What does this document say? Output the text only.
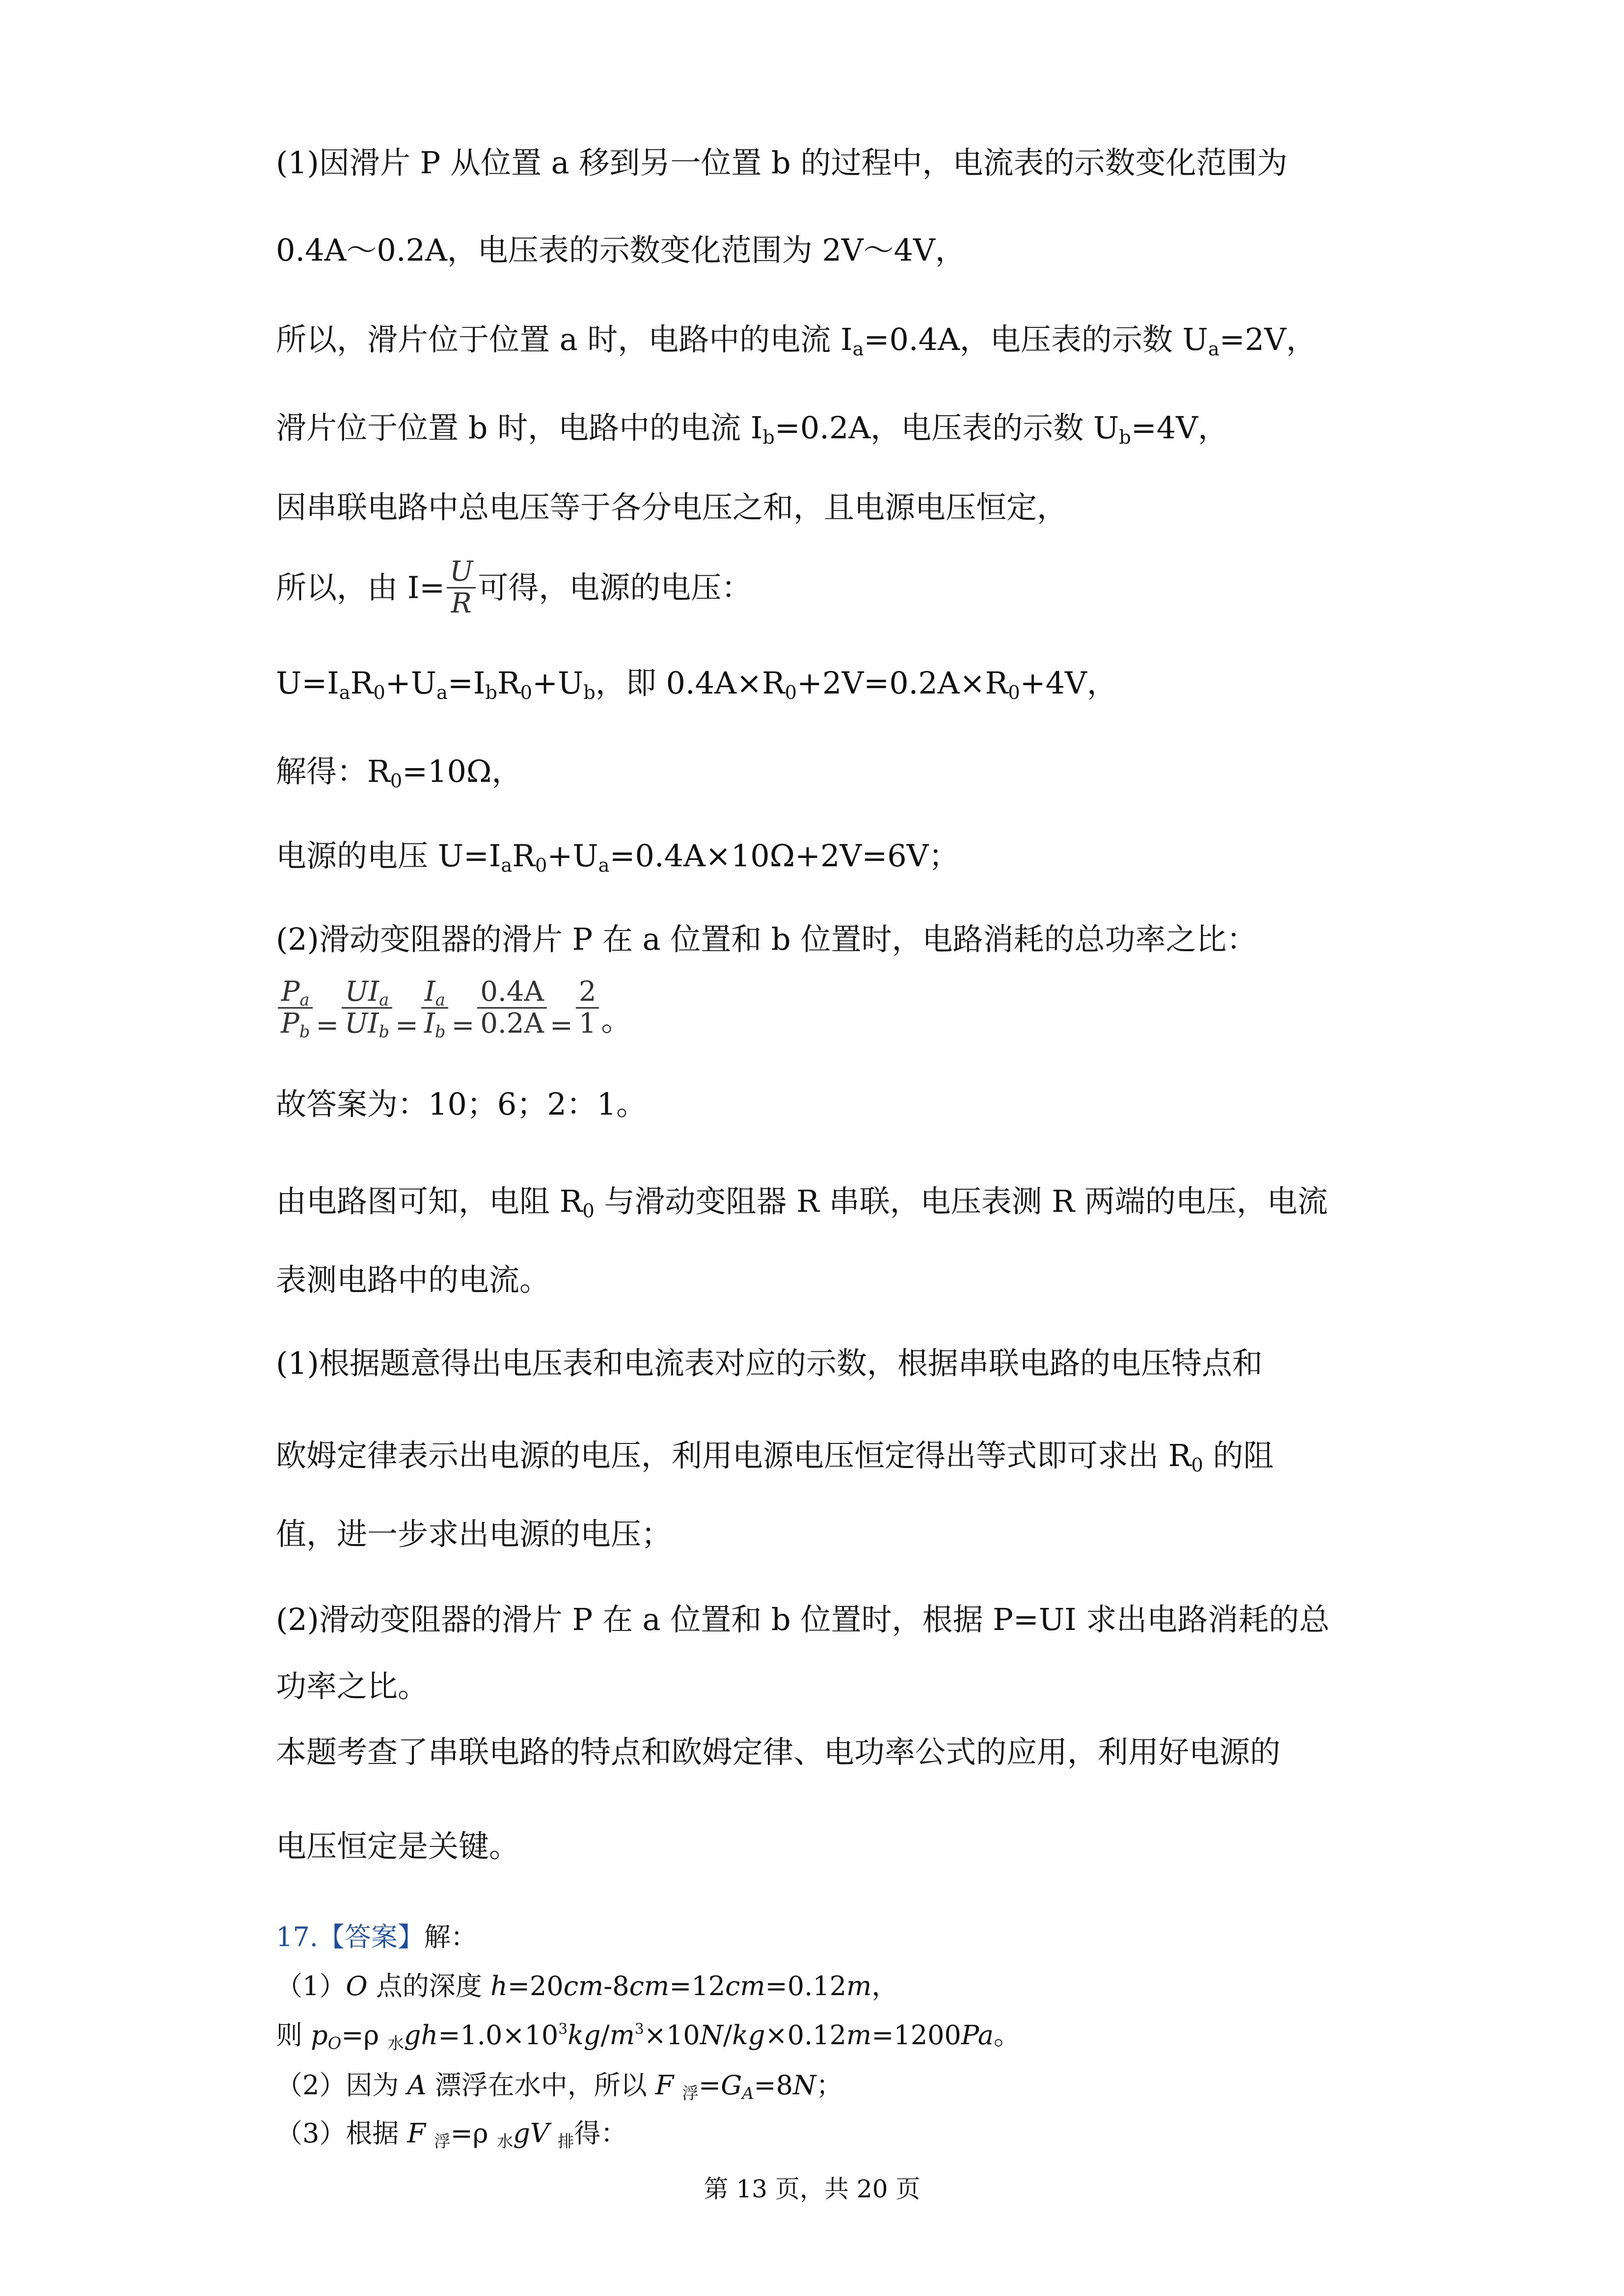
(1)因滑片 P 从位置 a 移到另一位置 b 的过程中，电流表的示数变化范围为
0.4A～0.2A，电压表的示数变化范围为 2V～4V，
所以，滑片位于位置 a 时，电路中的电流 $I_a=0.4A$，电压表的示数 $U_a=2V$，
滑片位于位置 b 时，电路中的电流 $I_b=0.2A$，电压表的示数 $U_b=4V$，
因串联电路中总电压等于各分电压之和，且电源电压恒定，
所以，由 $I= \frac{U}{R}$ 可得，电源的电压：
$U=I_aR_0+U_a=I_bR_0+U_b$，即 $0.4A\times R_0+2V=0.2A\times R_0+4V$，
解得：$R_0=10\Omega$，
电源的电压 $U=I_aR_0+U_a=0.4A\times 10\Omega+2V=6V$；
(2)滑动变阻器的滑片 P 在 a 位置和 b 位置时，电路消耗的总功率之比：
$\frac{P_a}{P_b} = \frac{UI_a}{UI_b} = \frac{I_a}{I_b} = \frac{0.4A}{0.2A} = \frac{2}{1}$ 。
故答案为：10；6；2：1。
由电路图可知，电阻 $R_0$ 与滑动变阻器 R 串联，电压表测 R 两端的电压，电流
表测电路中的电流。
(1)根据题意得出电压表和电流表对应的示数，根据串联电路的电压特点和
欧姆定律表示出电源的电压，利用电源电压恒定得出等式即可求出 $R_0$ 的阻
值，进一步求出电源的电压；
(2)滑动变阻器的滑片 P 在 a 位置和 b 位置时，根据 P=UI 求出电路消耗的总
功率之比。
本题考查了串联电路的特点和欧姆定律、电功率公式的应用，利用好电源的
电压恒定是关键。
17.【答案】解：
（1）O 点的深度 h=20cm-8cm=12cm=0.12m，
则 $p_O=\rho$ $_水gh=1.0\times 10^3kg/m^3\times 10N/kg\times 0.12m=1200Pa$。
（2）因为 A 漂浮在水中，所以 F $_浮=G_A=8N$；
（3）根据 F $_浮$=ρ $_水$gV $_排$得：
第 13 页，共 20 页
